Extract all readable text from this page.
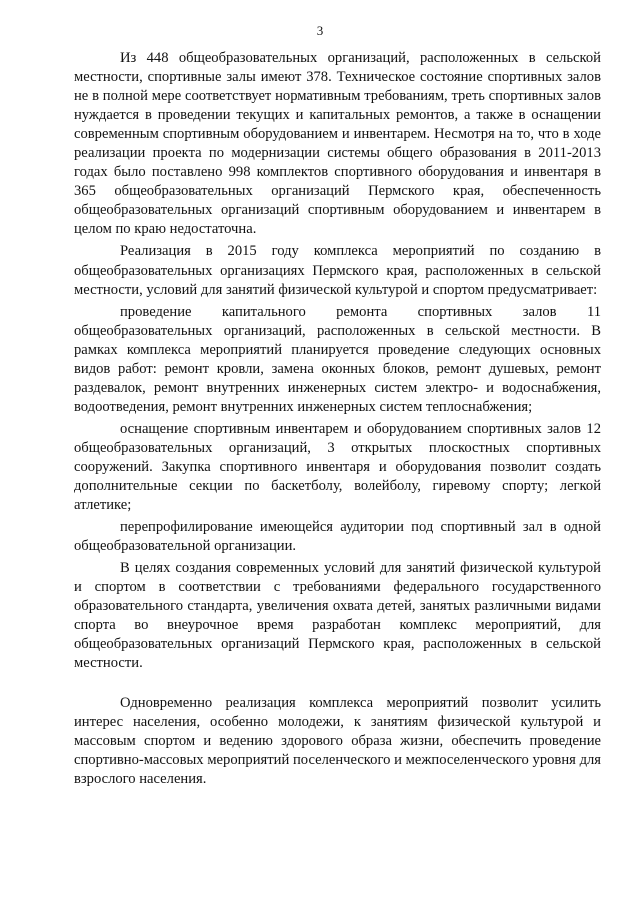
3

Из 448 общеобразовательных организаций, расположенных в сельской местности, спортивные залы имеют 378. Техническое состояние спортивных залов не в полной мере соответствует нормативным требованиям, треть спортивных залов нуждается в проведении текущих и капитальных ремонтов, а также в оснащении современным спортивным оборудованием и инвентарем. Несмотря на то, что в ходе реализации проекта по модернизации системы общего образования в 2011-2013 годах было поставлено 998 комплектов спортивного оборудования и инвентаря в 365 общеобразовательных организаций Пермского края, обеспеченность общеобразовательных организаций спортивным оборудованием и инвентарем в целом по краю недостаточна.

Реализация в 2015 году комплекса мероприятий по созданию в общеобразовательных организациях Пермского края, расположенных в сельской местности, условий для занятий физической культурой и спортом предусматривает:

проведение капитального ремонта спортивных залов 11 общеобразовательных организаций, расположенных в сельской местности. В рамках комплекса мероприятий планируется проведение следующих основных видов работ: ремонт кровли, замена оконных блоков, ремонт душевых, ремонт раздевалок, ремонт внутренних инженерных систем электро- и водоснабжения, водоотведения, ремонт внутренних инженерных систем теплоснабжения;

оснащение спортивным инвентарем и оборудованием спортивных залов 12 общеобразовательных организаций, 3 открытых плоскостных спортивных сооружений. Закупка спортивного инвентаря и оборудования позволит создать дополнительные секции по баскетболу, волейболу, гиревому спорту; легкой атлетике;

перепрофилирование имеющейся аудитории под спортивный зал в одной общеобразовательной организации.

В целях создания современных условий для занятий физической культурой и спортом в соответствии с требованиями федерального государственного образовательного стандарта, увеличения охвата детей, занятых различными видами спорта во внеурочное время разработан комплекс мероприятий, для общеобразовательных организаций Пермского края, расположенных в сельской местности.

Одновременно реализация комплекса мероприятий позволит усилить интерес населения, особенно молодежи, к занятиям физической культурой и массовым спортом и ведению здорового образа жизни, обеспечить проведение спортивно-массовых мероприятий поселенческого и межпоселенческого уровня для взрослого населения.
